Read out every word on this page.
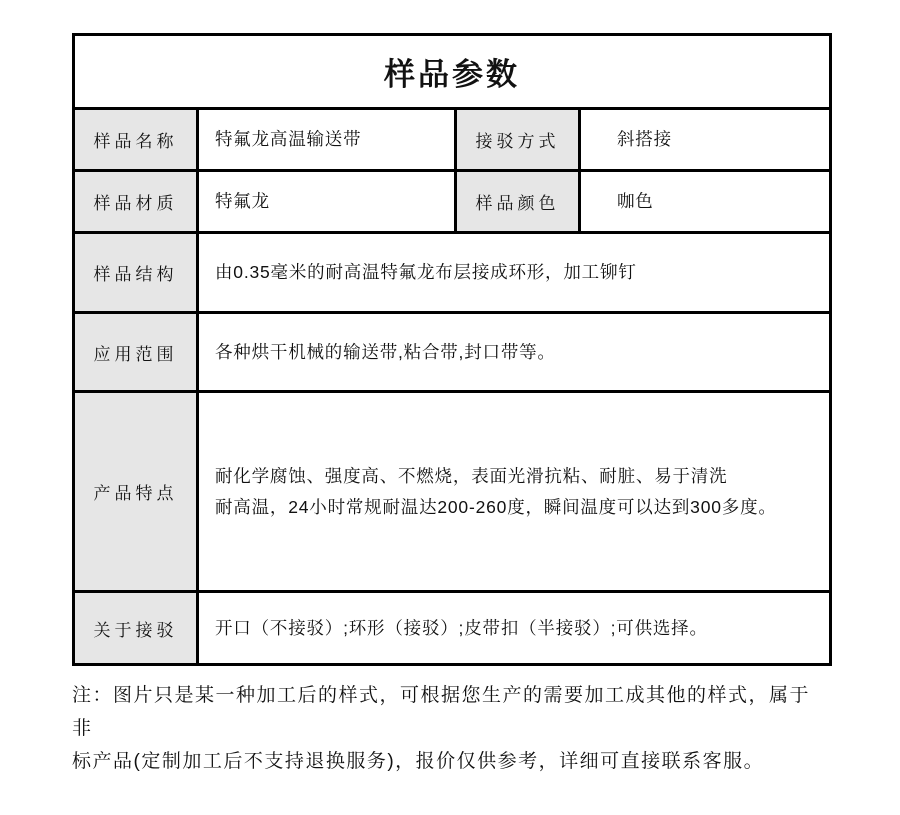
样品参数			

样品名称	特氟龙高温输送带	接驳方式	斜搭接
样品材质	特氟龙	样品颜色	咖色
样品结构	由0.35毫米的耐高温特氟龙布层接成环形，加工铆钉		
应用范围	各种烘干机械的输送带,粘合带,封口带等。		
产品特点	耐化学腐蚀、强度高、不燃烧，表面光滑抗粘、耐脏、易于清洗
耐高温，24小时常规耐温达200-260度，瞬间温度可以达到300多度。		

关于接驳	开口（不接驳）;环形（接驳）;皮带扣（半接驳）;可供选择。		
注：图片只是某一种加工后的样式，可根据您生产的需要加工成其他的样式，属于非
标产品(定制加工后不支持退换服务)，报价仅供参考，详细可直接联系客服。
